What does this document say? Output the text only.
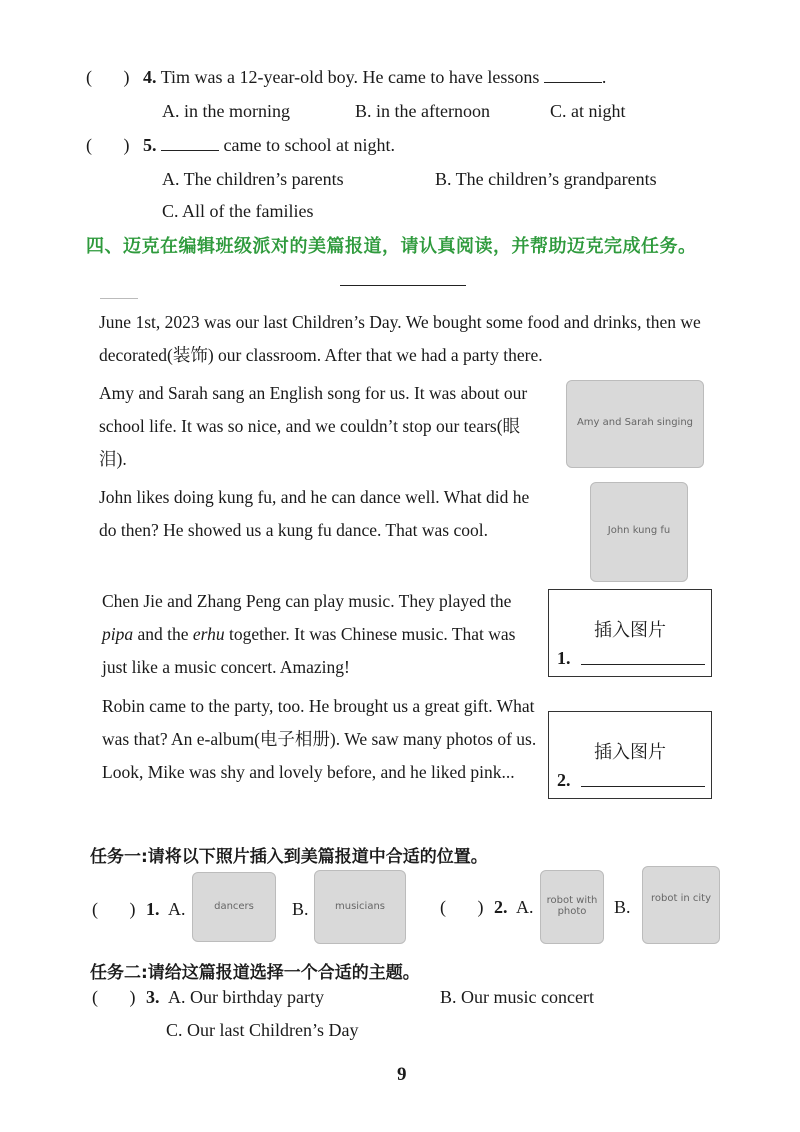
(       ) 4. Tim was a 12-year-old boy. He came to have lessons	.
A. in the morning	B. in the afternoon	C. at night
(       ) 5.	came to school at night.
A. The children’s parents	B. The children’s grandparents
C. All of the families
四、迈克在编辑班级派对的美篇报道，请认真阅读，并帮助迈克完成任务。
June 1st, 2023 was our last Children’s Day. We bought some food and drinks, then we decorated(装饰) our classroom. After that we had a party there.
Amy and Sarah sang an English song for us. It was about our school life. It was so nice, and we couldn’t stop our tears(眼泪).
Amy and Sarah singing
John likes doing kung fu, and he can dance well. What did he do then? He showed us a kung fu dance. That was cool.	John kung fu
Chen Jie and Zhang Peng can play music. They played the pipa and the erhu together. It was Chinese music. That was just like a music concert. Amazing!
插入图片
1.
Robin came to the party, too. He brought us a great gift. What was that? An e-album(电子相册). We saw many photos of us. Look, Mike was shy and lovely before, and he liked pink...
插入图片
2.
任务一:请将以下照片插入到美篇报道中合适的位置。
(       ) 1. A.	dancers	B.	musicians	(       ) 2. A.	robot with photo	B.	robot in city
任务二:请给这篇报道选择一个合适的主题。
(       ) 3. A. Our birthday party	B. Our music concert
C. Our last Children’s Day
9
